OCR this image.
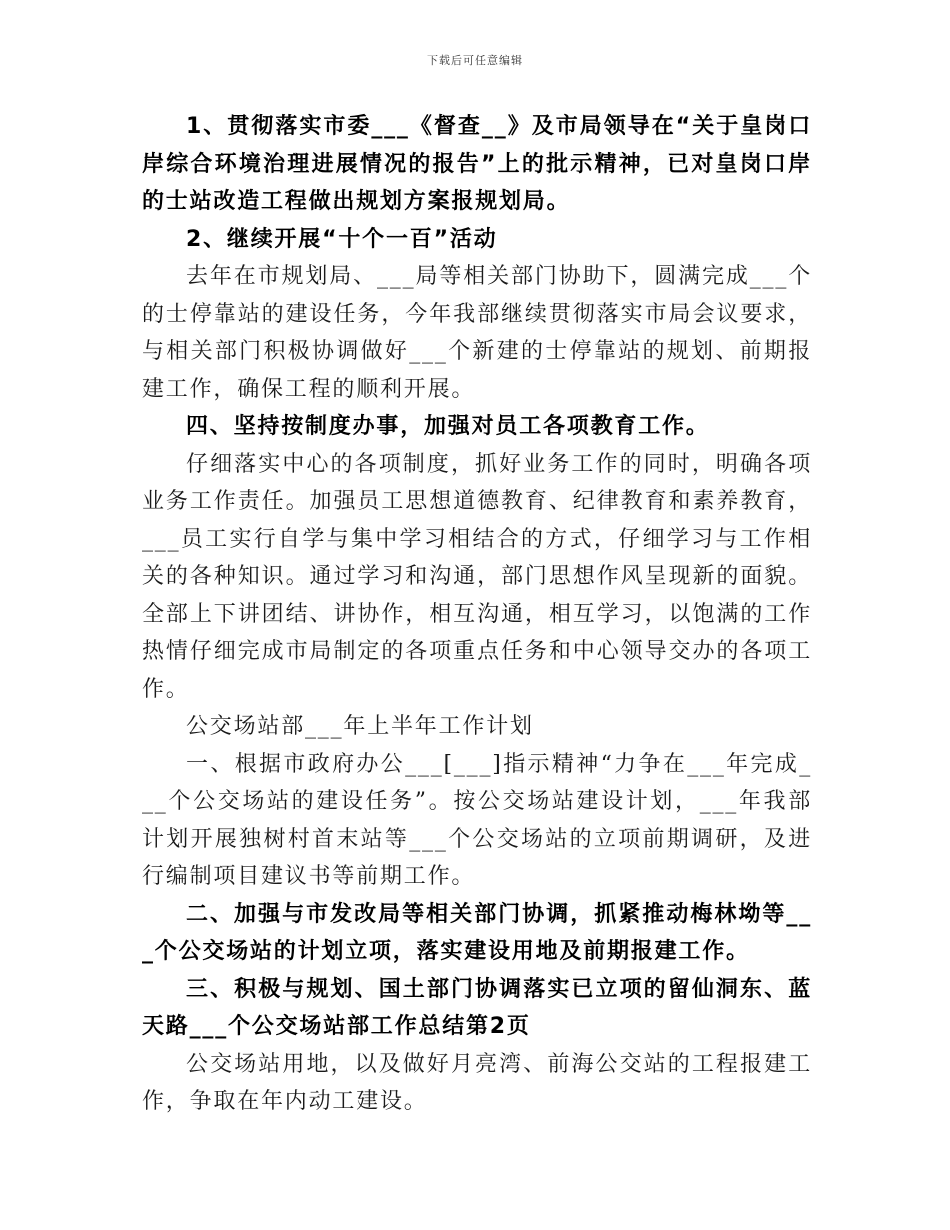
下载后可任意编辑

1、贯彻落实市委___《督查__》及市局领导在“关于皇岗口岸综合环境治理进展情况的报告”上的批示精神，已对皇岗口岸的士站改造工程做出规划方案报规划局。

2、继续开展“十个一百”活动

去年在市规划局、___局等相关部门协助下，圆满完成___个的士停靠站的建设任务，今年我部继续贯彻落实市局会议要求，与相关部门积极协调做好___个新建的士停靠站的规划、前期报建工作，确保工程的顺利开展。

四、坚持按制度办事，加强对员工各项教育工作。

仔细落实中心的各项制度，抓好业务工作的同时，明确各项业务工作责任。加强员工思想道德教育、纪律教育和素养教育，___员工实行自学与集中学习相结合的方式，仔细学习与工作相关的各种知识。通过学习和沟通，部门思想作风呈现新的面貌。全部上下讲团结、讲协作，相互沟通，相互学习，以饱满的工作热情仔细完成市局制定的各项重点任务和中心领导交办的各项工作。

公交场站部___年上半年工作计划

一、根据市政府办公___[___]指示精神“力争在___年完成___个公交场站的建设任务”。按公交场站建设计划，___年我部计划开展独树村首末站等___个公交场站的立项前期调研，及进行编制项目建议书等前期工作。

二、加强与市发改局等相关部门协调，抓紧推动梅林坳等___个公交场站的计划立项，落实建设用地及前期报建工作。

三、积极与规划、国土部门协调落实已立项的留仙洞东、蓝天路___个公交场站部工作总结第2页

公交场站用地，以及做好月亮湾、前海公交站的工程报建工作，争取在年内动工建设。
